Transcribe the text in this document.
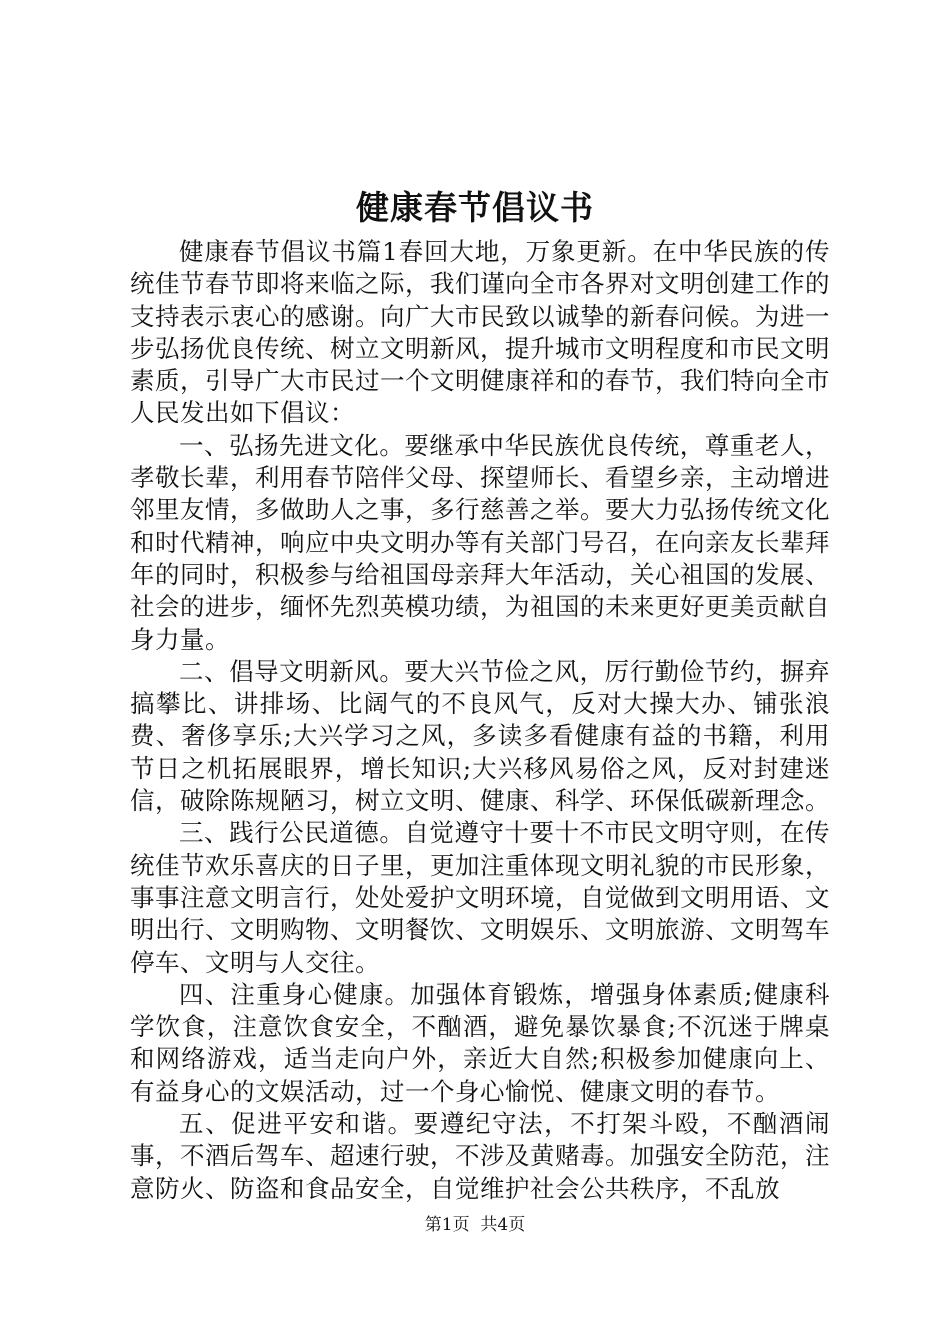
健康春节倡议书

健康春节倡议书篇1春回大地，万象更新。在中华民族的传统佳节春节即将来临之际，我们谨向全市各界对文明创建工作的支持表示衷心的感谢。向广大市民致以诚挚的新春问候。为进一步弘扬优良传统、树立文明新风，提升城市文明程度和市民文明素质，引导广大市民过一个文明健康祥和的春节，我们特向全市人民发出如下倡议：

一、弘扬先进文化。要继承中华民族优良传统，尊重老人，孝敬长辈，利用春节陪伴父母、探望师长、看望乡亲，主动增进邻里友情，多做助人之事，多行慈善之举。要大力弘扬传统文化和时代精神，响应中央文明办等有关部门号召，在向亲友长辈拜年的同时，积极参与给祖国母亲拜大年活动，关心祖国的发展、社会的进步，缅怀先烈英模功绩，为祖国的未来更好更美贡献自身力量。

二、倡导文明新风。要大兴节俭之风，厉行勤俭节约，摒弃搞攀比、讲排场、比阔气的不良风气，反对大操大办、铺张浪费、奢侈享乐;大兴学习之风，多读多看健康有益的书籍，利用节日之机拓展眼界，增长知识;大兴移风易俗之风，反对封建迷信，破除陈规陋习，树立文明、健康、科学、环保低碳新理念。

三、践行公民道德。自觉遵守十要十不市民文明守则，在传统佳节欢乐喜庆的日子里，更加注重体现文明礼貌的市民形象，事事注意文明言行，处处爱护文明环境，自觉做到文明用语、文明出行、文明购物、文明餐饮、文明娱乐、文明旅游、文明驾车停车、文明与人交往。

四、注重身心健康。加强体育锻炼，增强身体素质;健康科学饮食，注意饮食安全，不酗酒，避免暴饮暴食;不沉迷于牌桌和网络游戏，适当走向户外，亲近大自然;积极参加健康向上、有益身心的文娱活动，过一个身心愉悦、健康文明的春节。

五、促进平安和谐。要遵纪守法，不打架斗殴，不酗酒闹事，不酒后驾车、超速行驶，不涉及黄赌毒。加强安全防范，注意防火、防盗和食品安全，自觉维护社会公共秩序，不乱放

第1页 共4页
